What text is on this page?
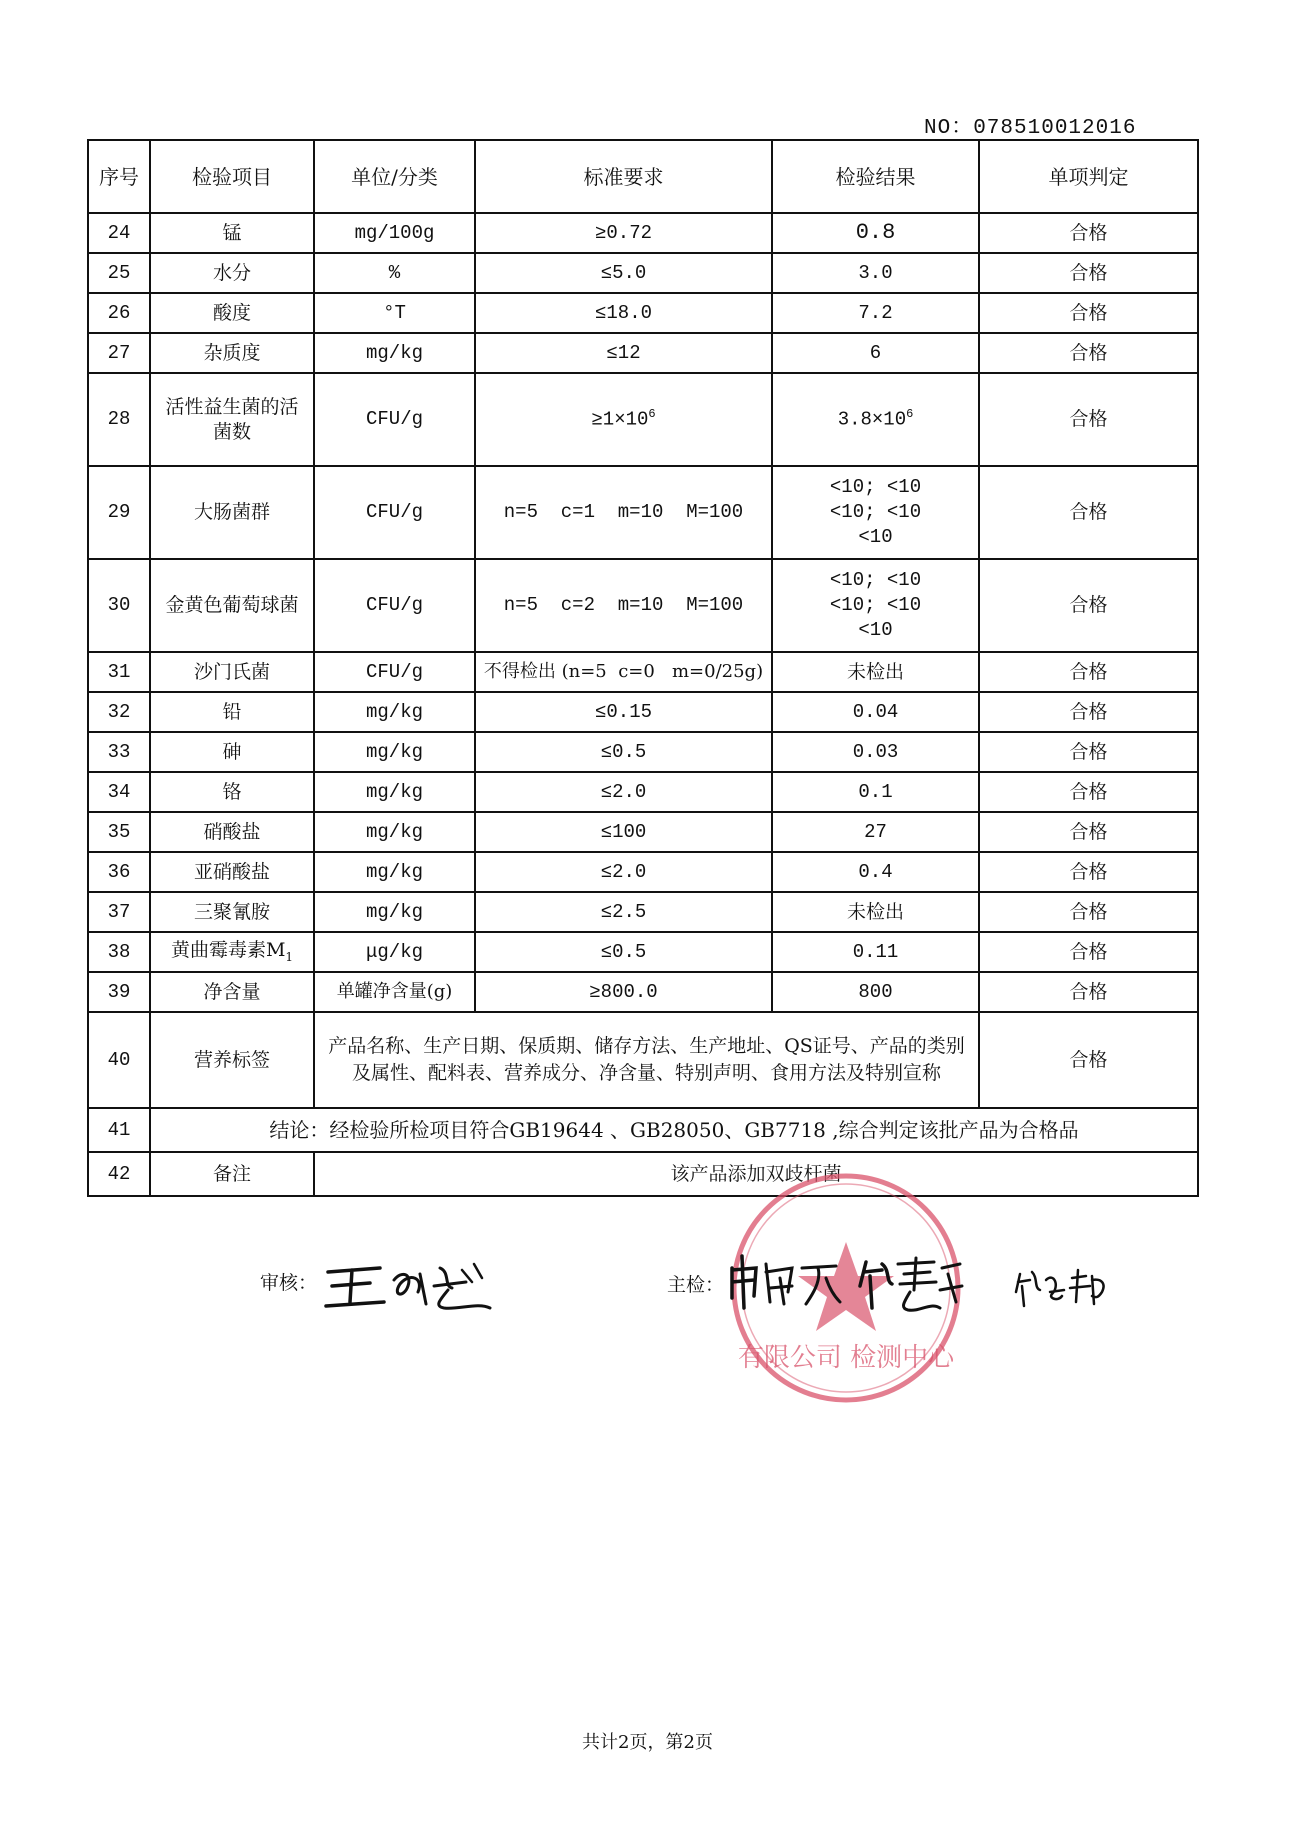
NO：078510012016
序号	检验项目	单位/分类	标准要求	检验结果	单项判定
24	锰	mg/100g	≥0.72	0.8	合格
25	水分	%	≤5.0	3.0	合格
26	酸度	°T	≤18.0	7.2	合格
27	杂质度	mg/kg	≤12	6	合格
28	活性益生菌的活菌数	CFU/g	$\ge 1\times 10^6$	$3.8\times 10^6$	合格
29	大肠菌群	CFU/g	n=5  c=1  m=10  M=100	<10; <10
<10; <10
<10	合格
30	金黄色葡萄球菌	CFU/g	n=5  c=2  m=10  M=100	<10; <10
<10; <10
<10	合格
31	沙门氏菌	CFU/g	不得检出 (n=5  c=0   m=0/25g)	未检出	合格
32	铅	mg/kg	≤0.15	0.04	合格
33	砷	mg/kg	≤0.5	0.03	合格
34	铬	mg/kg	≤2.0	0.1	合格
35	硝酸盐	mg/kg	≤100	27	合格
36	亚硝酸盐	mg/kg	≤2.0	0.4	合格
37	三聚氰胺	mg/kg	≤2.5	未检出	合格
38	黄曲霉毒素$M_1$	μg/kg	≤0.5	0.11	合格
39	净含量	单罐净含量(g)	≥800.0	800	合格
40	营养标签	产品名称、生产日期、保质期、储存方法、生产地址、QS证号、产品的类别及属性、配料表、营养成分、净含量、特别声明、食用方法及特别宣称			合格
41	结论：经检验所检项目符合GB19644 、GB28050、GB7718 ,综合判定该批产品为合格品				
42	备注	该产品添加双歧杆菌			
有限公司 检测中心
审核：	主检：
共计2页，第2页
